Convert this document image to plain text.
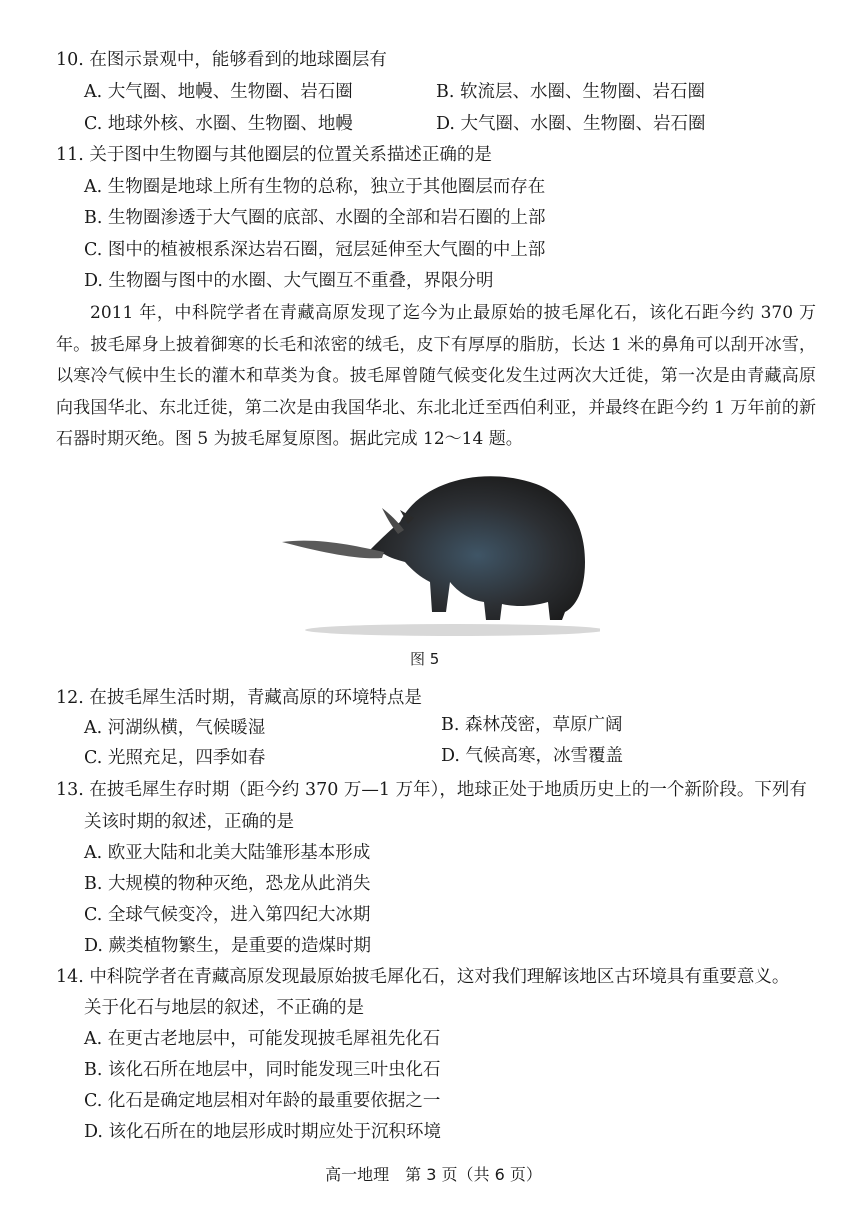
10. 在图示景观中，能够看到的地球圈层有
A. 大气圈、地幔、生物圈、岩石圈	B. 软流层、水圈、生物圈、岩石圈
C. 地球外核、水圈、生物圈、地幔	D. 大气圈、水圈、生物圈、岩石圈
11. 关于图中生物圈与其他圈层的位置关系描述正确的是
A. 生物圈是地球上所有生物的总称，独立于其他圈层而存在
B. 生物圈渗透于大气圈的底部、水圈的全部和岩石圈的上部
C. 图中的植被根系深达岩石圈，冠层延伸至大气圈的中上部
D. 生物圈与图中的水圈、大气圈互不重叠，界限分明
2011 年，中科院学者在青藏高原发现了迄今为止最原始的披毛犀化石，该化石距今约 370 万年。披毛犀身上披着御寒的长毛和浓密的绒毛，皮下有厚厚的脂肪，长达 1 米的鼻角可以刮开冰雪，以寒冷气候中生长的灌木和草类为食。披毛犀曾随气候变化发生过两次大迁徙，第一次是由青藏高原向我国华北、东北迁徙，第二次是由我国华北、东北北迁至西伯利亚，并最终在距今约 1 万年前的新石器时期灭绝。图 5 为披毛犀复原图。据此完成 12～14 题。
图 5
12. 在披毛犀生活时期，青藏高原的环境特点是
A. 河湖纵横，气候暖湿	B. 森林茂密，草原广阔
C. 光照充足，四季如春	D. 气候高寒，冰雪覆盖
13. 在披毛犀生存时期（距今约 370 万—1 万年），地球正处于地质历史上的一个新阶段。下列有
关该时期的叙述，正确的是
A. 欧亚大陆和北美大陆雏形基本形成
B. 大规模的物种灭绝，恐龙从此消失
C. 全球气候变冷，进入第四纪大冰期
D. 蕨类植物繁生，是重要的造煤时期
14. 中科院学者在青藏高原发现最原始披毛犀化石，这对我们理解该地区古环境具有重要意义。
关于化石与地层的叙述，不正确的是
A. 在更古老地层中，可能发现披毛犀祖先化石
B. 该化石所在地层中，同时能发现三叶虫化石
C. 化石是确定地层相对年龄的最重要依据之一
D. 该化石所在的地层形成时期应处于沉积环境
高一地理　第 3 页（共 6 页）
